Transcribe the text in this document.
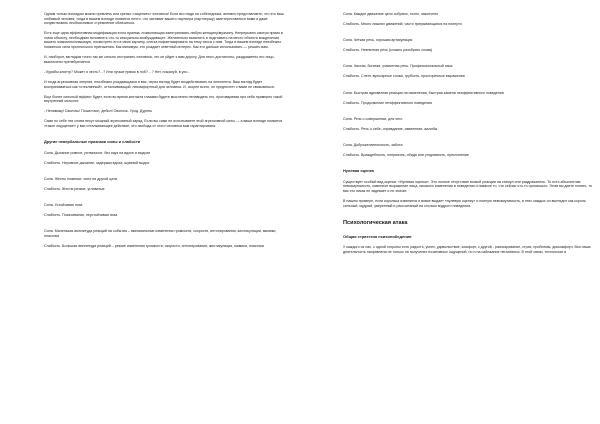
Одним только взглядом можно привлечь или крепко «зацепить» человека! Если вы глядя на собеседника, активно представляете, что это ваш любимый человек, тогда в вашем взгляде появится нечто, что заставит вашего партнера (партнершу) заинтересоваться вами и даже почувствовать необъяснимое стремление сблизиться.

Есть еще одна эффективная модификация этого приема, позволяющая заинтриговать любую женщину/мужчину. Непрерывно смотри прямо в глаза объекту, необходимо вспомнить что-то сексуально-возбуждающее. Желательно выяснить и подставить на место объекта вожделения вашего знакомого/знакомую, посмотреть его в свою картину, слегка пофантазировать на тему секса с ним. Тогда в вашем взгляде неизбежно появиться сила эротического притяжения. Как минимум, это рождает ответный интерес. Как это дальше использовать — решать вам.

И, наоборот, взглядом точно так же сильно отстранить человека, что он уйдет к вам дорогу. Для этого достаточно, раздраженно его лицо, выключено пренебрегается

- Курабы клинтр? Может я честь?...? Или лучше прямо в лоб?... ? Нет, пожалуй, в ухо...

И тогда агрессивная энергия, неизбежно рождающаяся в вас, через взгляд будет воздействовать на оппонента. Ваш взгляд будет восприниматься как «стеклянный», отталкивающий, некомфортный для человека. И, скорее всего, он предпочтет с вами не связываться.

Еще более сильный эффект будет, если во время контакта глазами будете мысленно ненавидеть его, проговаривая про себя примерно такой внутренний монолог:

- Ненавижу! Сволочь! Пошел вон, дебил! Сволочь. Урод. Дурень

Сами по себе эти слова несут мощный агрессивный заряд. Если вы сами не испытываете этой агрессивной силы — а ваши взгляде появится «такое ощущение» у вас отталкивающее действие, что свобода от этого человека вам гарантирована.

Другие невербальные признаки силы и слабости

Сила. Дыхание ровное, ритмичное, без пауз на вдохе и выдохе

Слабость. Неровное дыхание, задержки вдоха, шумный выдох

Сила. Жесты плавные, ясно ни другой цели

Слабость. Жесты резкие, угловатые

Сила. Устойчивая поза

Слабость. Покачивания, неустойчивая поза

Сила. Маленькая амплитуда реакций на события – минимальные изменения громкости, скорости, интонирования, жестикуляции, мимики, пластики

Слабость. Большая амплитуда реакций – резкие изменения громкости, скорости, интонирования, жестикуляции, мимики, пластики

Сила. Каждое движение цело собрано, точно, закончено

Слабость. Много лишних движений, часто прерывающихся на полпути

Сила. Четкая речь, хорошая артикуляция

Слабость. Невнятная речь (сложно разобрать слова)

Сила. Чистая, богатая, грамотная речь. Профессиональный язык

Слабость. Сленг, вульгарные слова, грубость, просторечные выражения

Сила. Быстрая адекватная реакция на изменения, быстрая замена неэффективного поведения

Слабость. Продолжение неэффективного поведения

Сила. Речь о совершении, для чего

Слабость. Речь о себе, оправдание, извинения, жалобы

Сила. Доброжелательность, забота

Слабость. Враждебность, неприязнь, обида или угодливость, преклонение

Нулевая оценка

Существует особый вид оценки: «Нулевая оценка». Это полное отсутствие всякой реакции на стимул или раздражитель. То есть абсолютная невозмутимость, каменное выражение лица, никакого изменения в поведении и никакое то, что сейчас что-то произошло. Этим вы даете понять, то вас это никак не задевает и не значит.

В нашем примере, если королька извинится и вовсе выдает «нулевую оценку» и полную невозмутимость, в этих каждых он выглядит как король сильный, мудрый, уверенный и рассчитаный на столько мудрого поведения.

Психологическая атака
Общая стратегия психопобедения

У каждого из нас, с одной стороны есть радость, успех, удовольствие, комфорт, с другой - разочарование, страх, проблемы, дискомфорт. Вся наша деятельность направлена не только на получение позитивных ощущений, но и на избежание негативных. В этой связи, технологии в
